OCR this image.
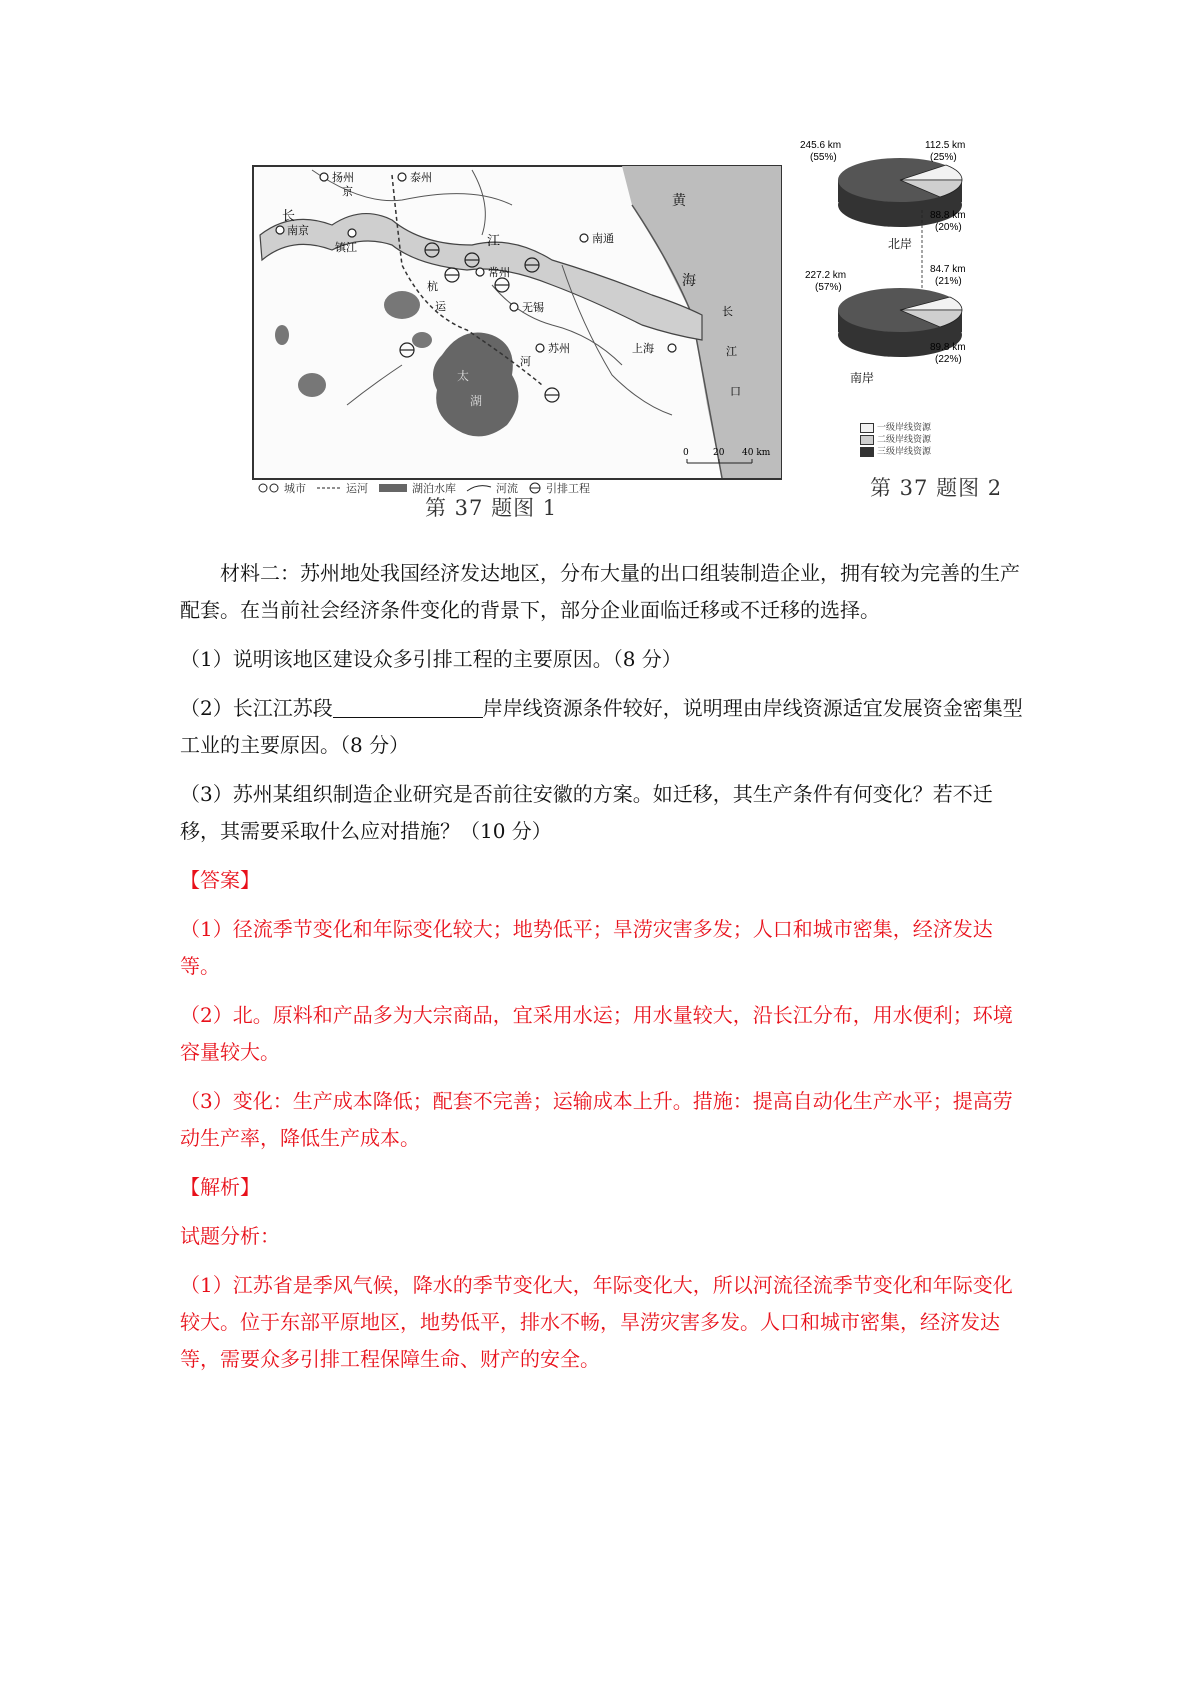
黄
海
长
江
长
江
口
太
湖
京
杭
运
河
扬州	泰州
南京
镇江
南通
常州
无锡
苏州	上海
0	20 40 km
城市	运河	湖泊水库	河流	引排工程
第 37 题图 1
245.6 km
(55%)
112.5 km
(25%)
88.8 km
(20%)
北岸
227.2 km
(57%)
84.7 km
(21%)
89.8 km
(22%)
南岸
一级岸线资源
二级岸线资源
三级岸线资源
第 37 题图 2

材料二：苏州地处我国经济发达地区，分布大量的出口组装制造企业，拥有较为完善的生产配套。在当前社会经济条件变化的背景下，部分企业面临迁移或不迁移的选择。

（1）说明该地区建设众多引排工程的主要原因。（8 分）

（2）长江江苏段	岸岸线资源条件较好，说明理由岸线资源适宜发展资金密集型工业的主要原因。（8 分）

（3）苏州某组织制造企业研究是否前往安徽的方案。如迁移，其生产条件有何变化？若不迁移，其需要采取什么应对措施？（10 分）

【答案】

（1）径流季节变化和年际变化较大；地势低平；旱涝灾害多发；人口和城市密集，经济发达等。

（2）北。原料和产品多为大宗商品，宜采用水运；用水量较大，沿长江分布，用水便利；环境容量较大。

（3）变化：生产成本降低；配套不完善；运输成本上升。措施：提高自动化生产水平；提高劳动生产率，降低生产成本。

【解析】

试题分析：

（1）江苏省是季风气候，降水的季节变化大，年际变化大，所以河流径流季节变化和年际变化较大。位于东部平原地区，地势低平，排水不畅，旱涝灾害多发。人口和城市密集，经济发达等，需要众多引排工程保障生命、财产的安全。
